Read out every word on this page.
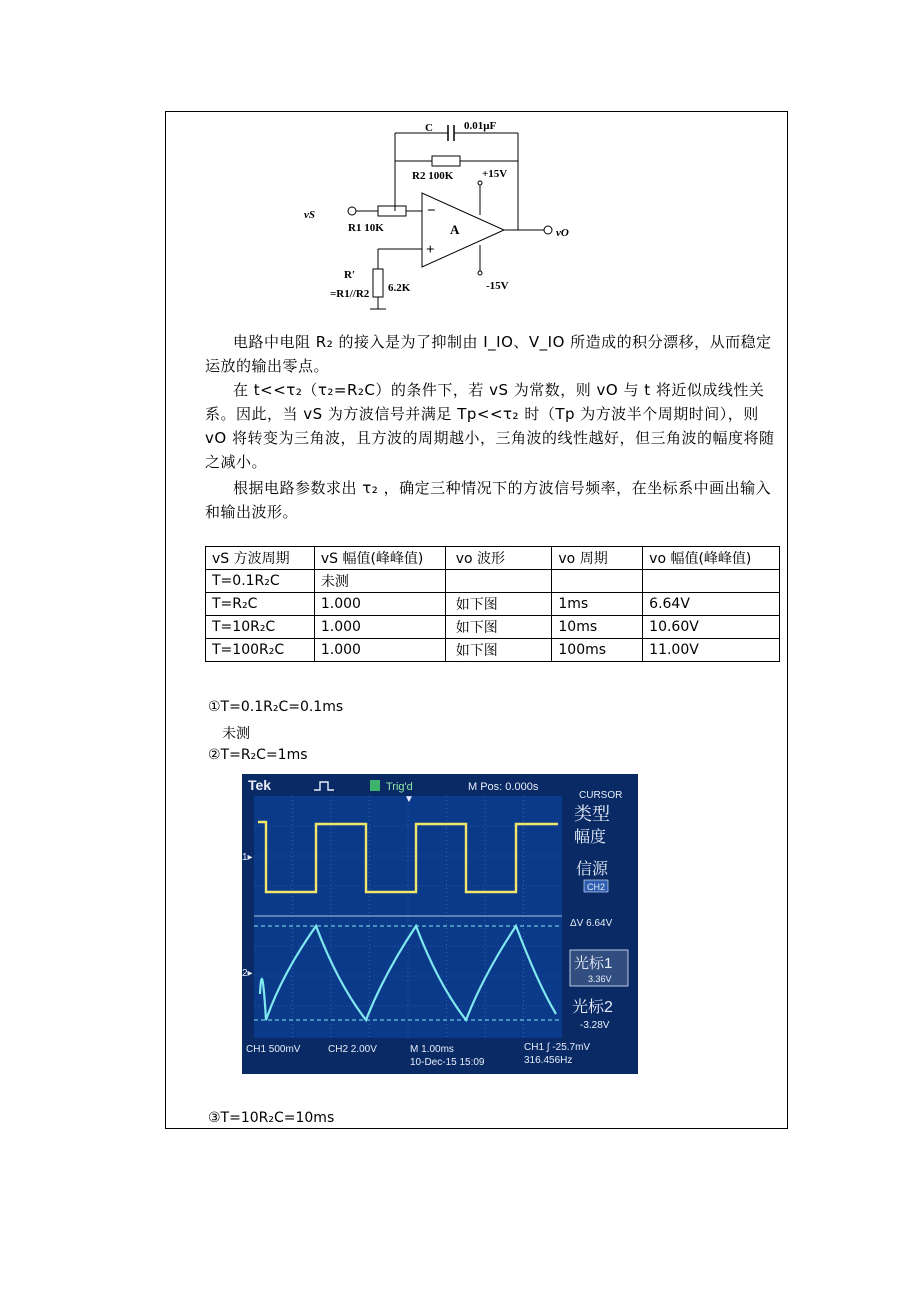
C	0.01μF
R2 100K	+15V
-15V
vS
vO
R1 10K	A
−
+
R′
=R1//R2 6.2K

电路中电阻 R₂ 的接入是为了抑制由 I_IO、V_IO 所造成的积分漂移，从而稳定运放的输出零点。

在 t<<τ₂（τ₂=R₂C）的条件下，若 vS 为常数，则 vO 与 t 将近似成线性关系。因此，当 vS 为方波信号并满足 Tp<<τ₂ 时（Tp 为方波半个周期时间），则 vO 将转变为三角波，且方波的周期越小，三角波的线性越好，但三角波的幅度将随之减小。

根据电路参数求出 τ₂ ，确定三种情况下的方波信号频率，在坐标系中画出输入和输出波形。

vS 方波周期	vS 幅值(峰峰值)	vo 波形	vo 周期	vo 幅值(峰峰值)
T=0.1R₂C	未测			
T=R₂C	1.000	如下图	1ms	6.64V
T=10R₂C	1.000	如下图	10ms	10.60V
T=100R₂C	1.000	如下图	100ms	11.00V
①T=0.1R₂C=0.1ms
未测
②T=R₂C=1ms
③T=10R₂C=10ms
Tek	Trig'd	M Pos: 0.000s
▼
1▸
2▸
CURSOR
类型
幅度
信源
CH2
ΔV 6.64V
光标1
3.36V
光标2
-3.28V
CH1 500mV	CH2 2.00V	M 1.00ms
10-Dec-15 15:09
CH1 ∫ -25.7mV
316.456Hz
